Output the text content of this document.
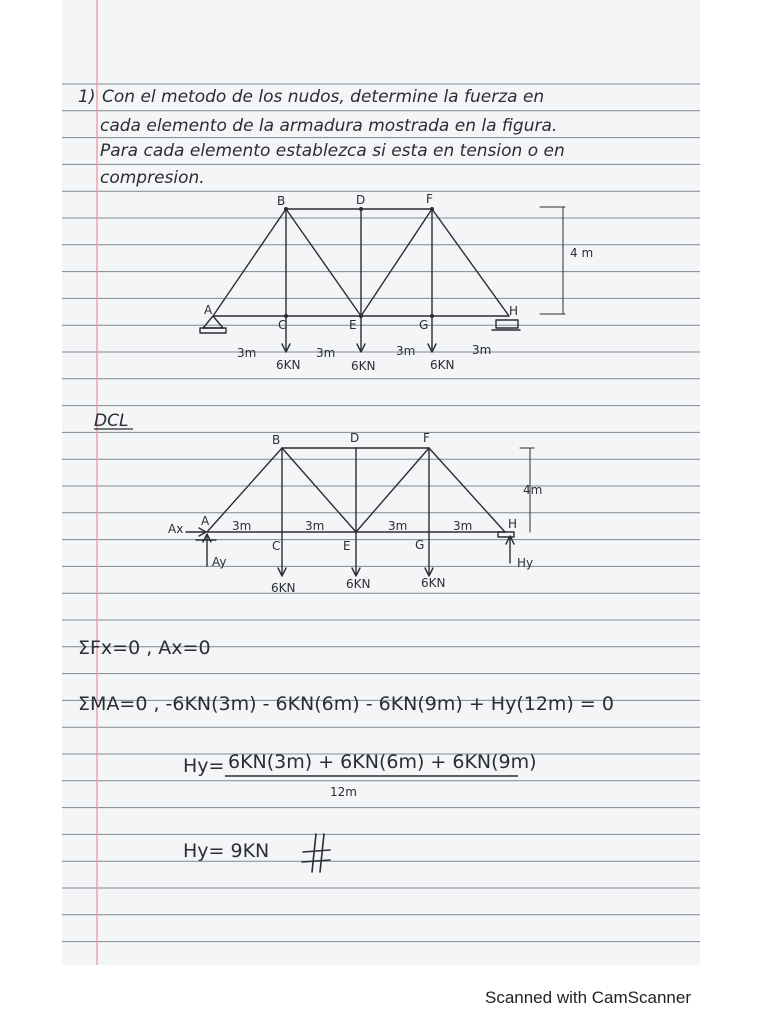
1) Con el metodo de los nudos, determine la fuerza en
cada elemento de la armadura mostrada en la figura.
Para cada elemento establezca si esta en tension o en
compresion.
A
B
C
D
E
F
G
H
4 m
3m	3m	3m	3m
6KN	6KN	6KN
DCL
A
B
C
D
E
F
G
H
4m
3m	3m	3m	3m
Ax
Ay	Hy
6KN	6KN	6KN
ΣFx=0 , Ax=0
ΣMA=0 , -6KN(3m) - 6KN(6m) - 6KN(9m) + Hy(12m) = 0
Hy= 6KN(3m) + 6KN(6m) + 6KN(9m)
12m
Hy= 9KN
Scanned with CamScanner
